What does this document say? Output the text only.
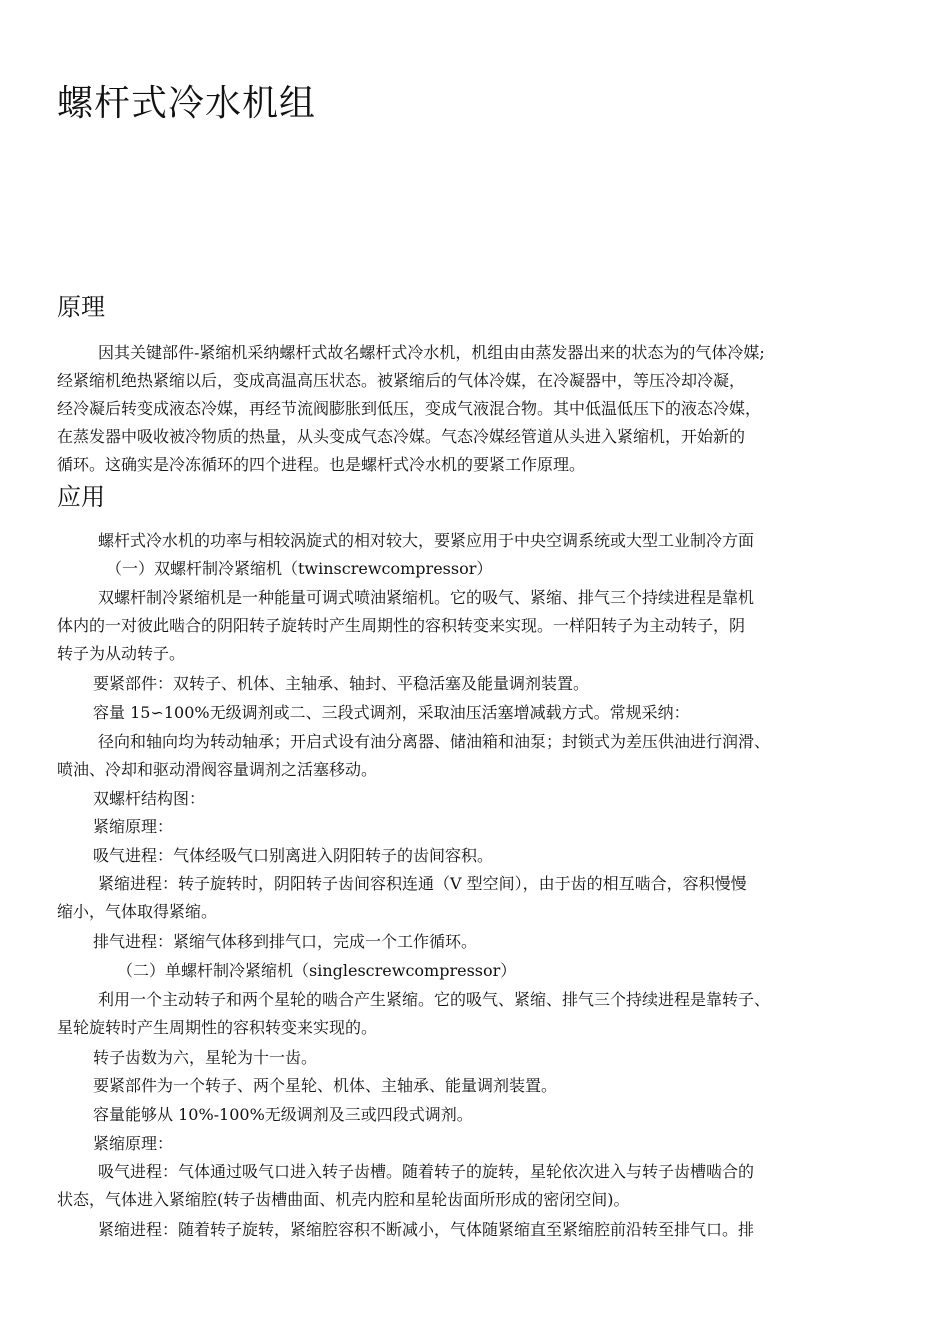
螺杆式冷水机组
原理

因其关键部件-紧缩机采纳螺杆式故名螺杆式冷水机，机组由由蒸发器出来的状态为的气体冷媒;

经紧缩机绝热紧缩以后，变成高温高压状态。被紧缩后的气体冷媒，在冷凝器中，等压冷却冷凝，

经冷凝后转变成液态冷媒，再经节流阀膨胀到低压，变成气液混合物。其中低温低压下的液态冷媒，

在蒸发器中吸收被冷物质的热量，从头变成气态冷媒。气态冷媒经管道从头进入紧缩机，开始新的

循环。这确实是冷冻循环的四个进程。也是螺杆式冷水机的要紧工作原理。

应用

螺杆式冷水机的功率与相较涡旋式的相对较大，要紧应用于中央空调系统或大型工业制冷方面

（一）双螺杆制冷紧缩机（twinscrewcompressor）

双螺杆制冷紧缩机是一种能量可调式喷油紧缩机。它的吸气、紧缩、排气三个持续进程是靠机

体内的一对彼此啮合的阴阳转子旋转时产生周期性的容积转变来实现。一样阳转子为主动转子，阴

转子为从动转子。

要紧部件：双转子、机体、主轴承、轴封、平稳活塞及能量调剂装置。

容量 15∽100%无级调剂或二、三段式调剂，采取油压活塞增减载方式。常规采纳：

径向和轴向均为转动轴承；开启式设有油分离器、储油箱和油泵；封锁式为差压供油进行润滑、

喷油、冷却和驱动滑阀容量调剂之活塞移动。

双螺杆结构图：

紧缩原理：

吸气进程：气体经吸气口别离进入阴阳转子的齿间容积。

紧缩进程：转子旋转时，阴阳转子齿间容积连通（V 型空间），由于齿的相互啮合，容积慢慢

缩小，气体取得紧缩。

排气进程：紧缩气体移到排气口，完成一个工作循环。

（二）单螺杆制冷紧缩机（singlescrewcompressor）

利用一个主动转子和两个星轮的啮合产生紧缩。它的吸气、紧缩、排气三个持续进程是靠转子、

星轮旋转时产生周期性的容积转变来实现的。

转子齿数为六，星轮为十一齿。

要紧部件为一个转子、两个星轮、机体、主轴承、能量调剂装置。

容量能够从 10%-100%无级调剂及三或四段式调剂。

紧缩原理：

吸气进程：气体通过吸气口进入转子齿槽。随着转子的旋转，星轮依次进入与转子齿槽啮合的

状态，气体进入紧缩腔(转子齿槽曲面、机壳内腔和星轮齿面所形成的密闭空间)。

紧缩进程：随着转子旋转，紧缩腔容积不断减小，气体随紧缩直至紧缩腔前沿转至排气口。排
